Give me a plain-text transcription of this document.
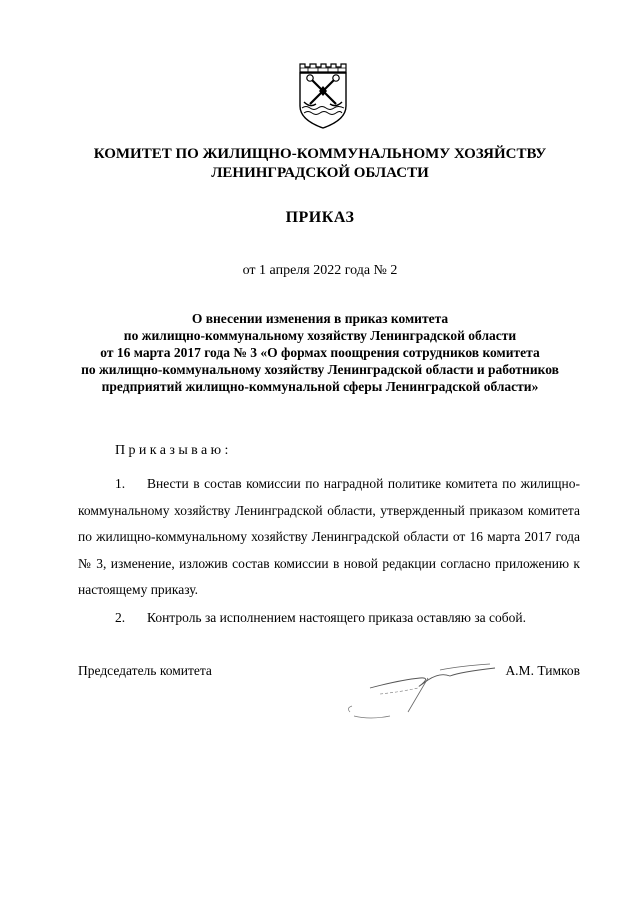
КОМИТЕТ ПО ЖИЛИЩНО-КОММУНАЛЬНОМУ ХОЗЯЙСТВУ
ЛЕНИНГРАДСКОЙ ОБЛАСТИ
ПРИКАЗ
от 1 апреля 2022 года № 2
О внесении изменения в приказ комитета
по жилищно-коммунальному хозяйству Ленинградской области
от 16 марта 2017 года № 3 «О формах поощрения сотрудников комитета
по жилищно-коммунальному хозяйству Ленинградской области и работников
предприятий жилищно-коммунальной сферы Ленинградской области»
Приказываю:

1. Внести в состав комиссии по наградной политике комитета по жилищно-коммунальному хозяйству Ленинградской области, утвержденный приказом комитета по жилищно-коммунальному хозяйству Ленинградской области от 16 марта 2017 года № 3, изменение, изложив состав комиссии в новой редакции согласно приложению к настоящему приказу.

2. Контроль за исполнением настоящего приказа оставляю за собой.

Председатель комитета	А.М. Тимков
